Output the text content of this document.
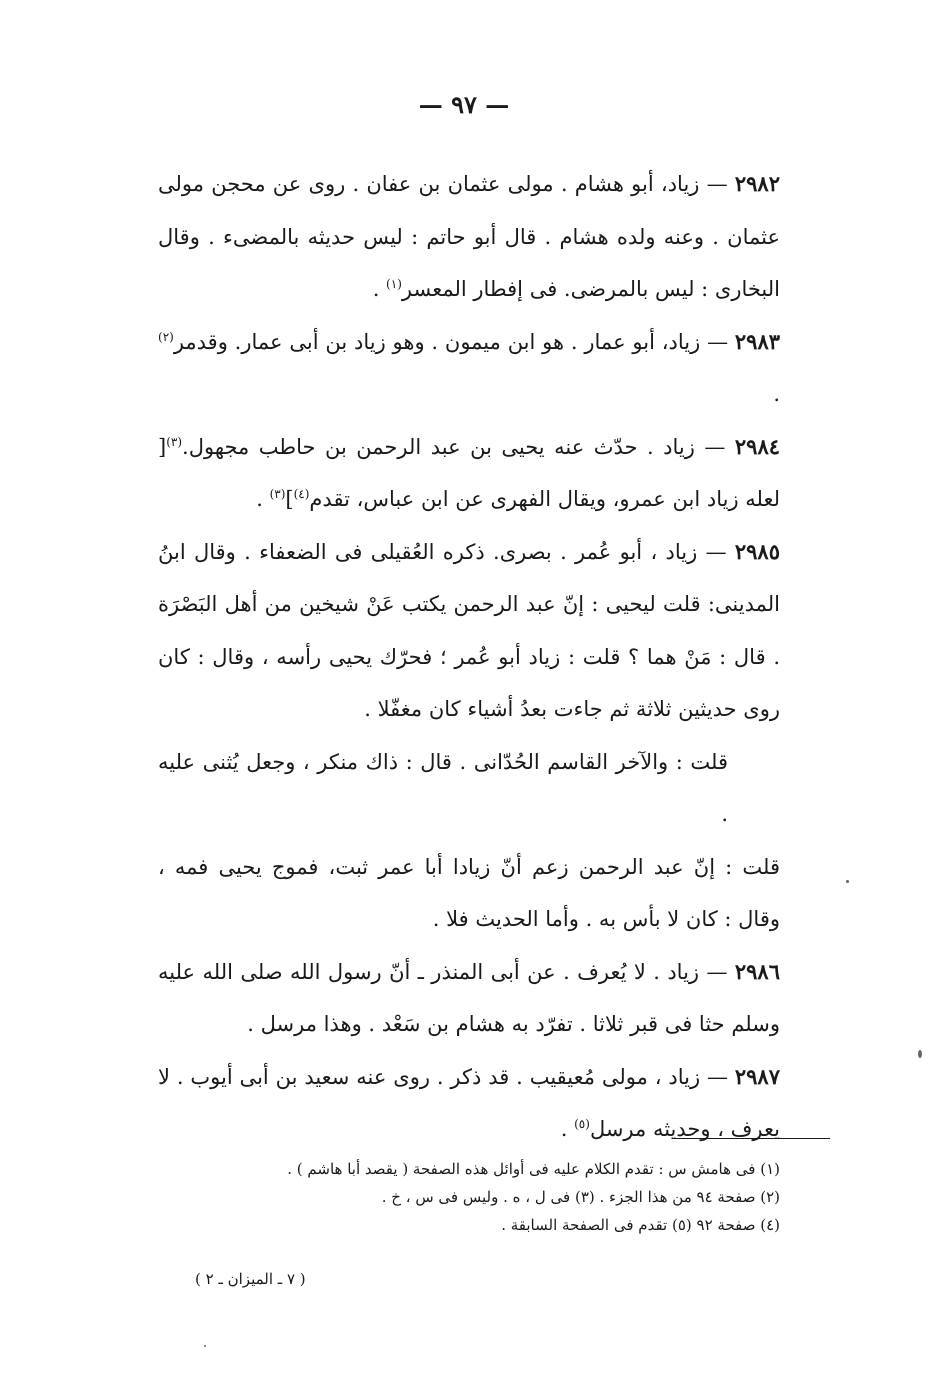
— ٩٧ —

٢٩٨٢ — زياد، أبو هشام . مولى عثمان بن عفان . روى عن محجن مولى عثمان . وعنه ولده هشام . قال أبو حاتم : ليس حديثه بالمضىء . وقال البخارى : ليس بالمرضى. فى إفطار المعسر$^{(١)}$ .

٢٩٨٣ — زياد، أبو عمار . هو ابن ميمون . وهو زياد بن أبى عمار. وقدمر$^{(٢)}$ .

٢٩٨٤ — زياد . حدّث عنه يحيى بن عبد الرحمن بن حاطب مجهول.$^{(٣)}$[ لعله زياد ابن عمرو، ويقال الفهرى عن ابن عباس، تقدم$^{(٤)}$]$^{(٣)}$ .

٢٩٨٥ — زياد ، أبو عُمر . بصرى. ذكره العُقيلى فى الضعفاء . وقال ابنُ المدينى: قلت ليحيى : إنّ عبد الرحمن يكتب عَنْ شيخين من أهل البَصْرَة . قال : مَنْ هما ؟ قلت : زياد أبو عُمر ؛ فحرّك يحيى رأسه ، وقال : كان روى حديثين ثلاثة ثم جاءت بعدُ أشياء كان مغفّلا .

قلت : والآخر القاسم الحُدّانى . قال : ذاك منكر ، وجعل يُثنى عليه .

قلت : إنّ عبد الرحمن زعم أنّ زيادا أبا عمر ثبت، فموج يحيى فمه ، وقال : كان لا بأس به . وأما الحديث فلا .

٢٩٨٦ — زياد . لا يُعرف . عن أبى المنذر ـ أنّ رسول الله صلى الله عليه وسلم حثا فى قبر ثلاثا . تفرّد به هشام بن سَعْد . وهذا مرسل .

٢٩٨٧ — زياد ، مولى مُعيقيب . قد ذكر . روى عنه سعيد بن أبى أيوب . لا يعرف ، وحديثه مرسل$^{(٥)}$ .

(١) فى هامش س : تقدم الكلام عليه فى أوائل هذه الصفحة ( يقصد أبا هاشم ) .
(٢) صفحة ٩٤ من هذا الجزء . (٣) فى ل ، ه . وليس فى س ، خ .
(٤) صفحة ٩٢ (٥) تقدم فى الصفحة السابقة .
( ٧ ـ الميزان ـ ٢ )
